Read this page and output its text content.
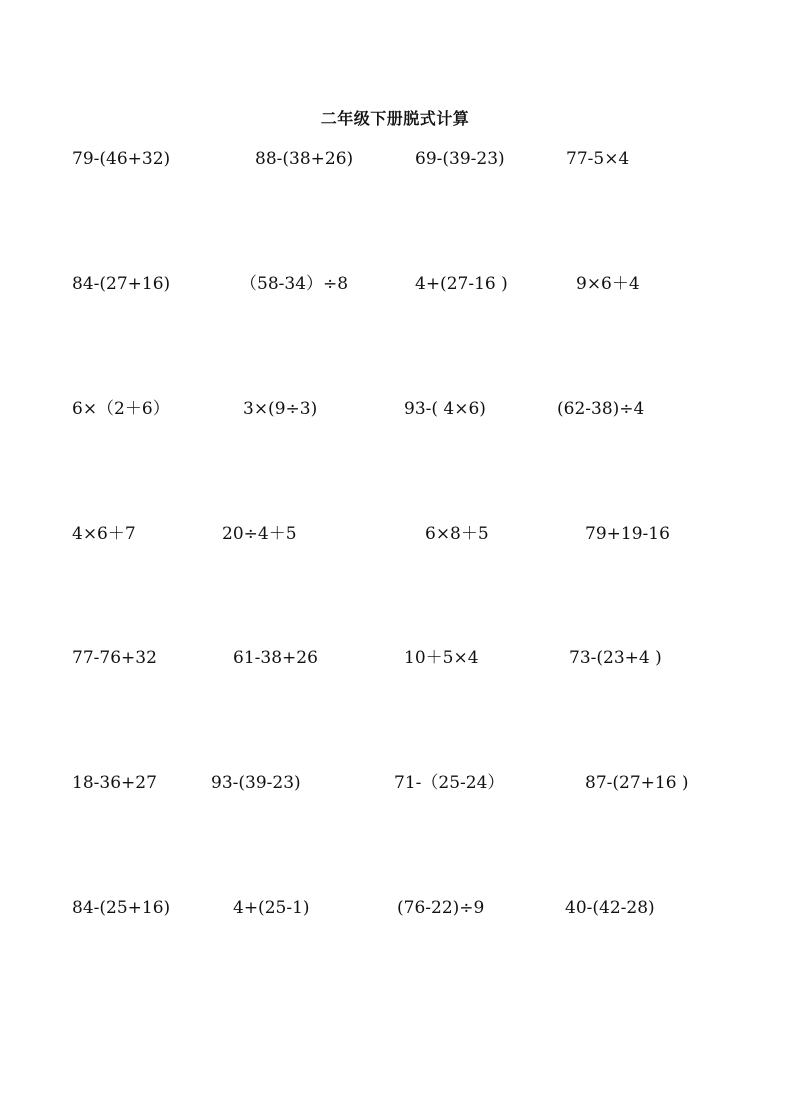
二年级下册脱式计算
79-(46+32)	88-(38+26)	69-(39-23)	77-5×4
84-(27+16)	（58-34）÷8	4+(27-16 )	9×6＋4
6×（2＋6）	3×(9÷3)	93-( 4×6)	(62-38)÷4
4×6＋7	20÷4＋5	6×8＋5	79+19-16
77-76+32	61-38+26	10＋5×4	73-(23+4 )
18-36+27	93-(39-23)	71-（25-24）	87-(27+16 )
84-(25+16)	4+(25-1)	(76-22)÷9	40-(42-28)
